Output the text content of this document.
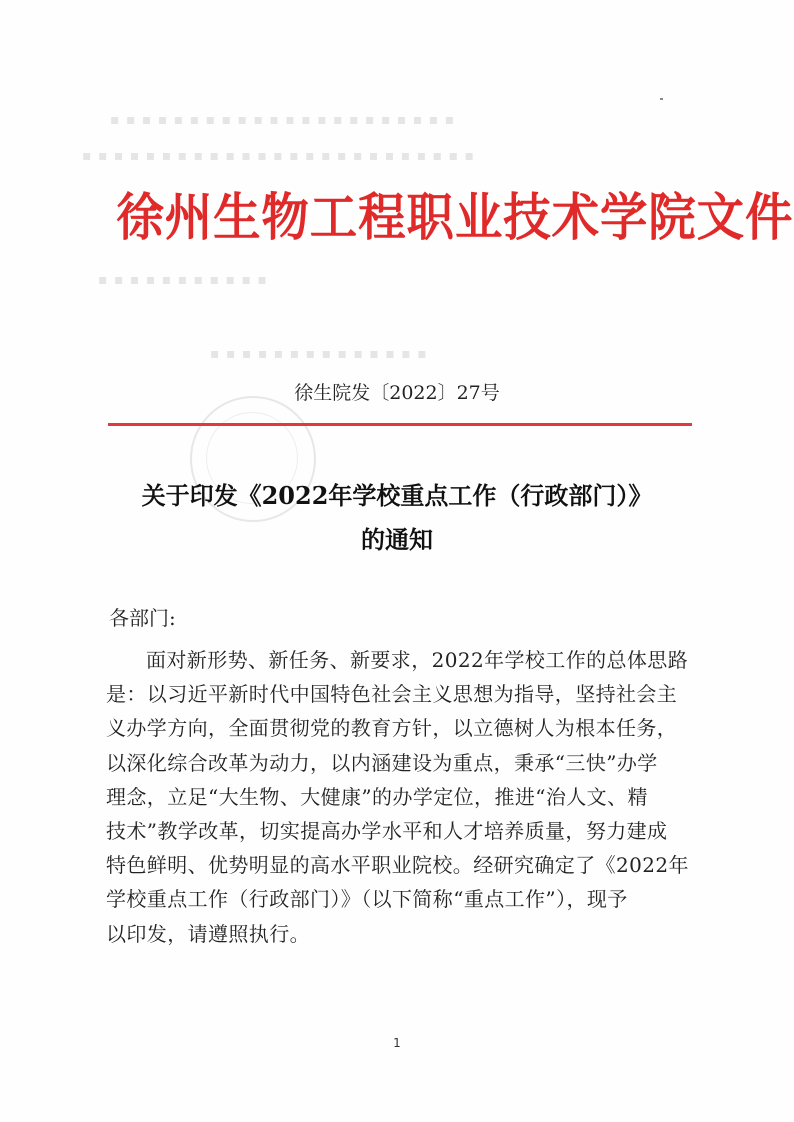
▪ ▪ ▪ ▪ ▪ ▪ ▪ ▪ ▪ ▪ ▪ ▪ ▪ ▪ ▪ ▪ ▪ ▪ ▪ ▪ ▪ ▪
▪ ▪ ▪ ▪ ▪ ▪ ▪ ▪ ▪ ▪ ▪ ▪ ▪ ▪ ▪ ▪ ▪ ▪ ▪ ▪ ▪ ▪ ▪ ▪ ▪
▪ ▪ ▪ ▪ ▪ ▪ ▪ ▪ ▪ ▪ ▪
▪ ▪ ▪ ▪ ▪ ▪ ▪ ▪ ▪ ▪ ▪ ▪ ▪ ▪
徐州生物工程职业技术学院文件
徐生院发〔2022〕27号
关于印发《2022年学校重点工作（行政部门）》
的通知
各部门:
面对新形势、新任务、新要求，2022年学校工作的总体思路
是：以习近平新时代中国特色社会主义思想为指导，坚持社会主
义办学方向，全面贯彻党的教育方针，以立德树人为根本任务，
以深化综合改革为动力，以内涵建设为重点，秉承“三快”办学
理念，立足“大生物、大健康”的办学定位，推进“治人文、精
技术”教学改革，切实提高办学水平和人才培养质量，努力建成
特色鲜明、优势明显的高水平职业院校。经研究确定了《2022年
学校重点工作（行政部门）》（以下简称“重点工作”），现予
以印发，请遵照执行。
1
